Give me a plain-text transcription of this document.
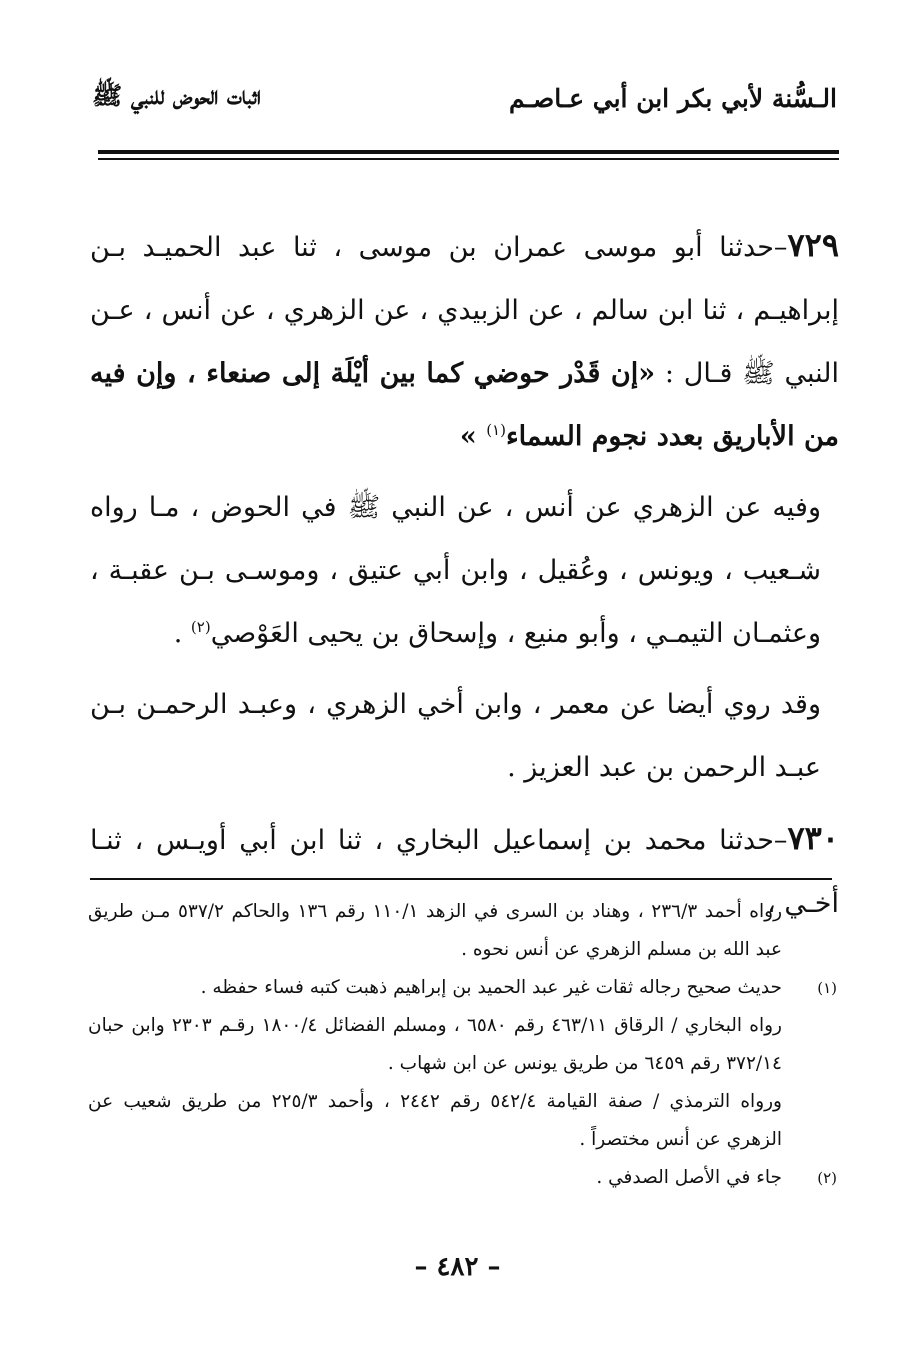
الـسُّنة لأبي بكر ابن أبي عـاصـم
اثبات الحوض للنبي ﷺ

٧٢٩–حدثنا أبو موسى عمران بن موسى ، ثنا عبد الحميـد بـن إبراهيـم ، ثنا ابن سالم ، عن الزبيدي ، عن الزهري ، عن أنس ، عـن النبي ﷺ قـال : «إن قَدْر حوضي كما بين أيْلَة إلى صنعاء ، وإن فيه من الأباريق بعدد نجوم السماء$^{(١)}$ »

وفيه عن الزهري عن أنس ، عن النبي ﷺ في الحوض ، مـا رواه شـعيب ، ويونس ، وعُقيل ، وابن أبي عتيق ، وموسـى بـن عقبـة ، وعثمـان التيمـي ، وأبو منيع ، وإسحاق بن يحيى العَوْصي$^{(٢)}$ .

وقد روي أيضا عن معمر ، وابن أخي الزهري ، وعبـد الرحمـن بـن عبـد الرحمن بن عبد العزيز .

٧٣٠–حدثنا محمد بن إسماعيل البخاري ، ثنا ابن أبي أويـس ، ثنـا أخـي ،

رواه أحمد ٢٣٦/٣ ، وهناد بن السرى في الزهد ١١٠/١ رقم ١٣٦ والحاكم ٥٣٧/٢ مـن طريق عبد الله بن مسلم الزهري عن أنس نحوه .

(١)

حديث صحيح رجاله ثقات غير عبد الحميد بن إبراهيم ذهبت كتبه فساء حفظه .

رواه البخاري / الرقاق ٤٦٣/١١ رقم ٦٥٨٠ ، ومسلم الفضائل ١٨٠٠/٤ رقـم ٢٣٠٣ وابن حبان ٣٧٢/١٤ رقم ٦٤٥٩ من طريق يونس عن ابن شهاب .

ورواه الترمذي / صفة القيامة ٥٤٢/٤ رقم ٢٤٤٢ ، وأحمد ٢٢٥/٣ من طريق شعيب عن الزهري عن أنس مختصراً .

(٢)

جاء في الأصل الصدفي .

– ٤٨٢ –
